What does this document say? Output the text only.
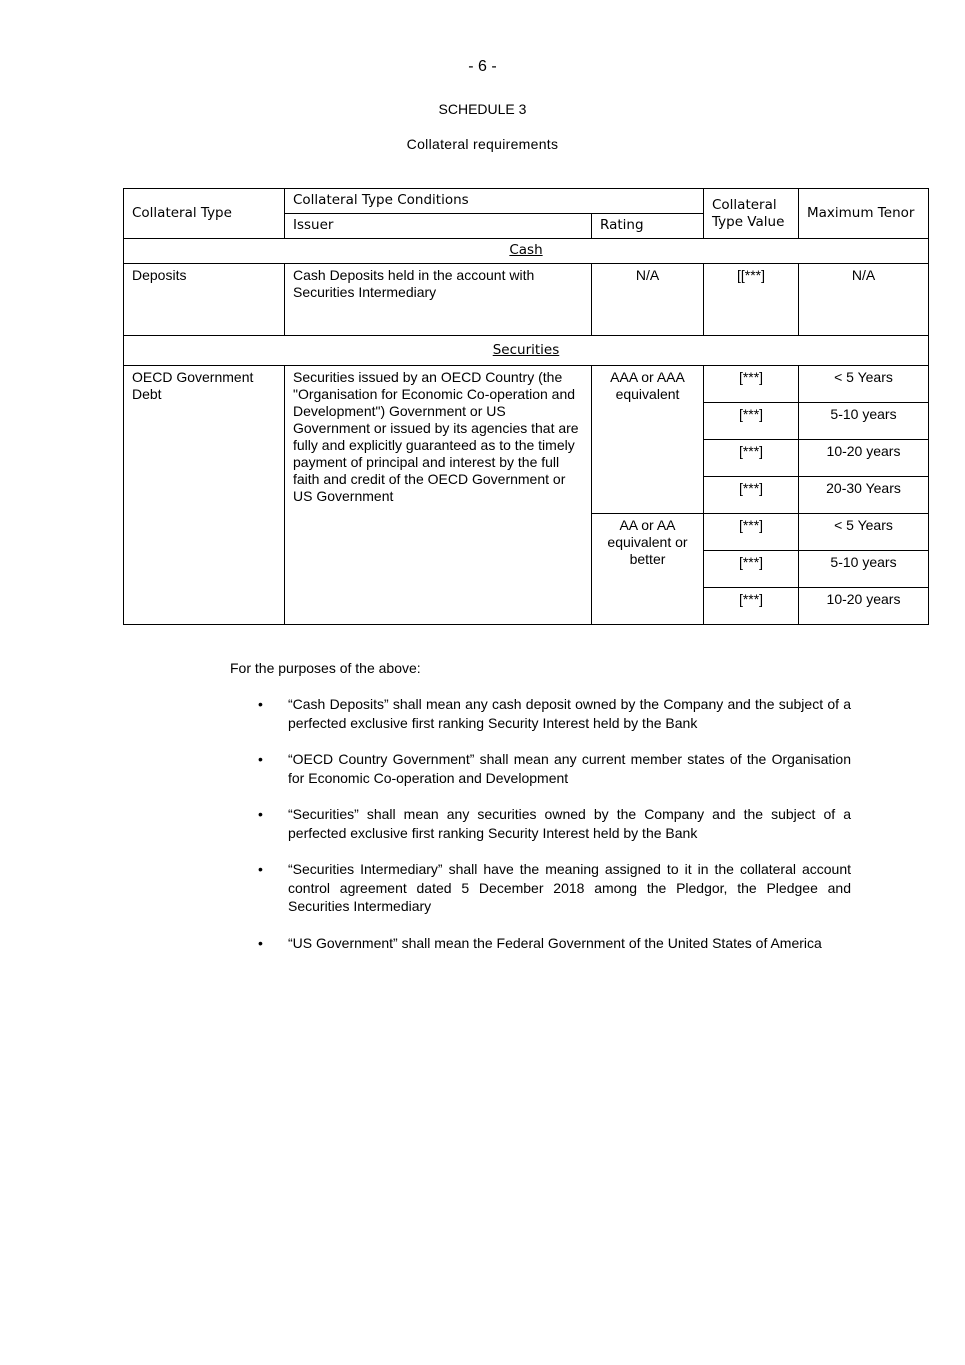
- 6 -
SCHEDULE 3
Collateral requirements
Collateral Type	Collateral Type Conditions		Collateral Type Value	Maximum Tenor
	Issuer	Rating		
Cash				
Deposits	Cash Deposits held in the account with Securities Intermediary	N/A	[[***]	N/A
Securities				
OECD Government Debt	Securities issued by an OECD Country (the "Organisation for Economic Co-operation and Development") Government or US Government or issued by its agencies that are fully and explicitly guaranteed as to the timely payment of principal and interest by the full faith and credit of the OECD Government or US Government	AAA or AAA equivalent	[***]	< 5 Years
			[***]	5-10 years
			[***]	10-20 years
			[***]	20-30 Years
		AA or AA equivalent or better	[***]	< 5 Years
			[***]	5-10 years
			[***]	10-20 years
For the purposes of the above:
• “Cash Deposits” shall mean any cash deposit owned by the Company and the subject of a perfected exclusive first ranking Security Interest held by the Bank
• “OECD Country Government” shall mean any current member states of the Organisation for Economic Co-operation and Development
• “Securities” shall mean any securities owned by the Company and the subject of a perfected exclusive first ranking Security Interest held by the Bank
• “Securities Intermediary” shall have the meaning assigned to it in the collateral account control agreement dated 5 December 2018 among the Pledgor, the Pledgee and Securities Intermediary
• “US Government” shall mean the Federal Government of the United States of America
